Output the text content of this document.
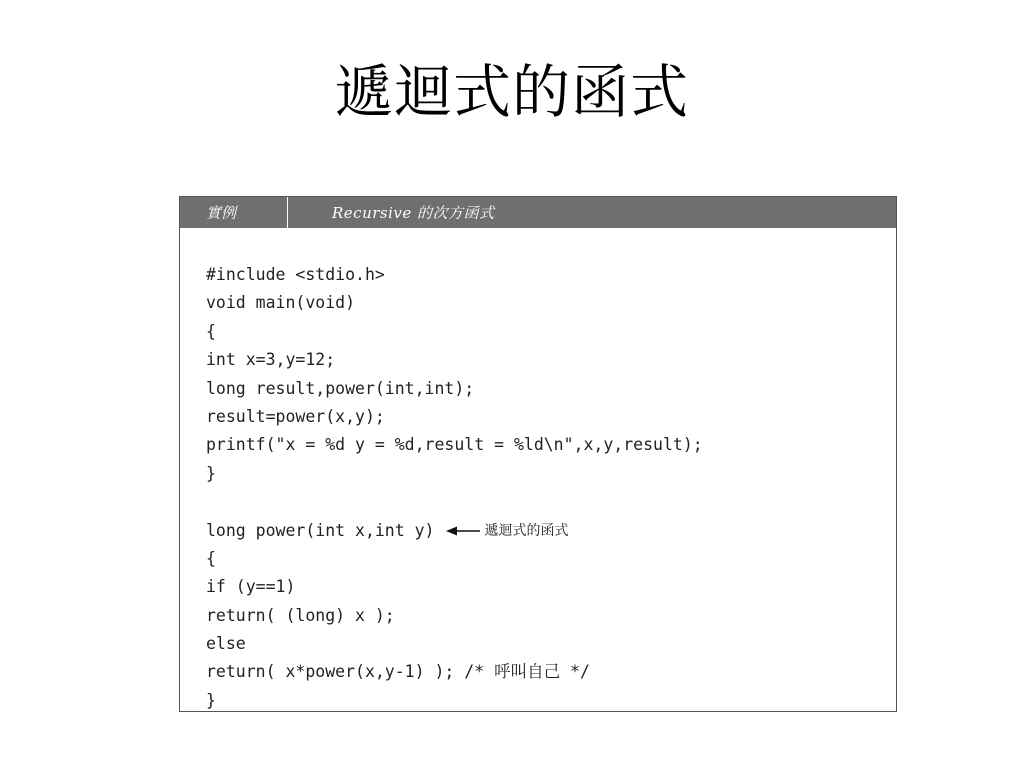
遞迴式的函式
實例	Recursive 的次方函式
#include <stdio.h>
void main(void)
{
int x=3,y=12;
long result,power(int,int);
result=power(x,y);
printf("x = %d y = %d,result = %ld\n",x,y,result);
}
long power(int x,int y)	遞迴式的函式
{
if (y==1)
return( (long) x );
else
return( x*power(x,y-1) ); /* 呼叫自己 */
}
